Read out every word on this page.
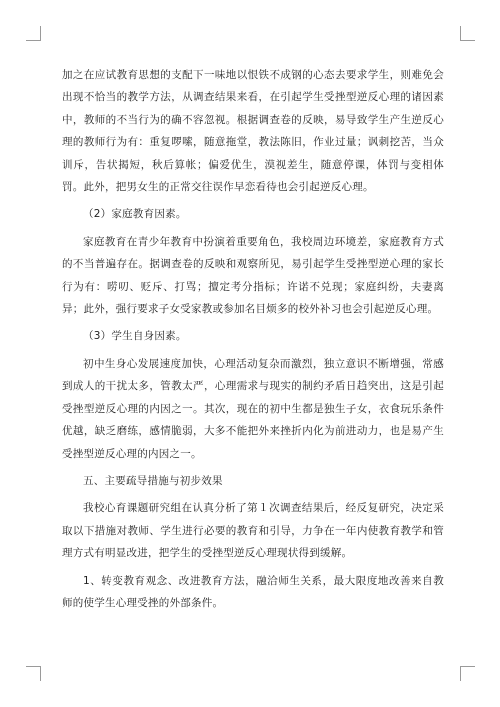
加之在应试教育思想的支配下一味地以恨铁不成钢的心态去要求学生，则难免会出现不恰当的教学方法，从调查结果来看，在引起学生受挫型逆反心理的诸因素中，教师的不当行为的确不容忽视。根据调查卷的反映，易导致学生产生逆反心理的教师行为有：重复啰嗦，随意拖堂，教法陈旧，作业过量；讽刺挖苦，当众训斥，告状揭短，秋后算帐；偏爱优生，漠视差生，随意停课，体罚与变相体罚。此外，把男女生的正常交往误作早恋看待也会引起逆反心理。

（2）家庭教育因素。

家庭教育在青少年教育中扮演着重要角色，我校周边环境差，家庭教育方式的不当普遍存在。据调查卷的反映和观察所见，易引起学生受挫型逆心理的家长行为有：唠叨、贬斥、打骂；擅定考分指标；许诺不兑现；家庭纠纷，夫妻离异；此外，强行要求子女受家教或参加名目烦多的校外补习也会引起逆反心理。

（3）学生自身因素。

初中生身心发展速度加快，心理活动复杂而激烈，独立意识不断增强，常感到成人的干扰太多，管教太严，心理需求与现实的制约矛盾日趋突出，这是引起受挫型逆反心理的内因之一。其次，现在的初中生都是独生子女，衣食玩乐条件优越，缺乏磨练，感情脆弱，大多不能把外来挫折内化为前进动力，也是易产生受挫型逆反心理的内因之一。

五、主要疏导措施与初步效果

我校心育课题研究组在认真分析了第１次调查结果后，经反复研究，决定采取以下措施对教师、学生进行必要的教育和引导，力争在一年内使教育教学和管理方式有明显改进，把学生的受挫型逆反心理现状得到缓解。

1、转变教育观念、改进教育方法，融洽师生关系，最大限度地改善来自教师的使学生心理受挫的外部条件。
